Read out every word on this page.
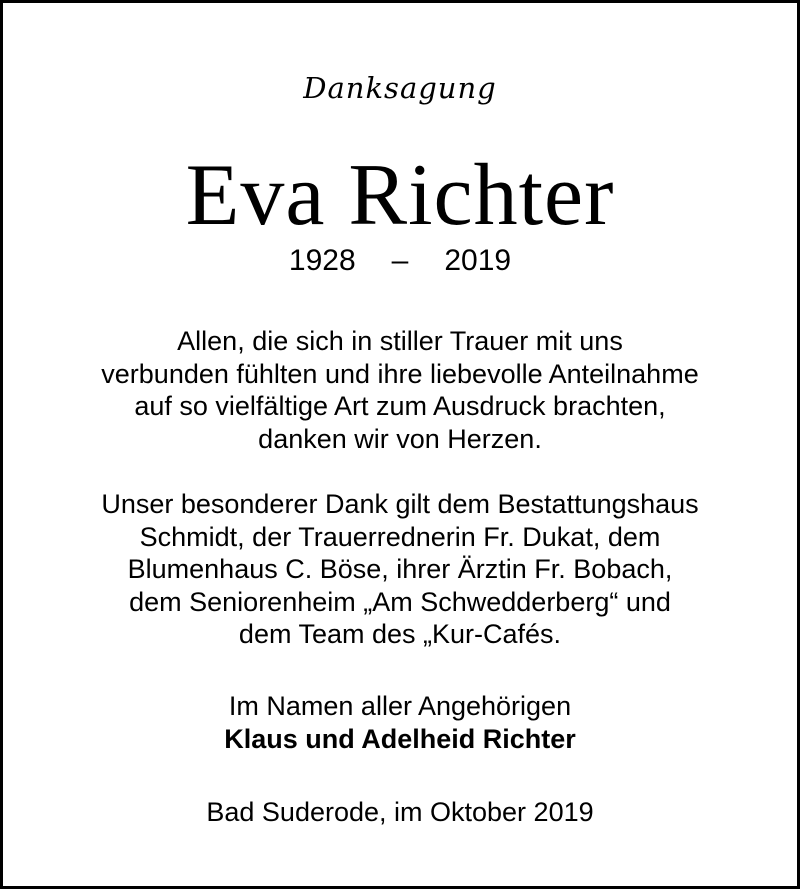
Danksagung
Eva Richter
1928 – 2019
Allen, die sich in stiller Trauer mit uns
verbunden fühlten und ihre liebevolle Anteilnahme
auf so vielfältige Art zum Ausdruck brachten,
danken wir von Herzen.
Unser besonderer Dank gilt dem Bestattungshaus
Schmidt, der Trauerrednerin Fr. Dukat, dem
Blumenhaus C. Böse, ihrer Ärztin Fr. Bobach,
dem Seniorenheim „Am Schwedderberg“ und
dem Team des „Kur-Cafés.
Im Namen aller Angehörigen
Klaus und Adelheid Richter
Bad Suderode, im Oktober 2019
